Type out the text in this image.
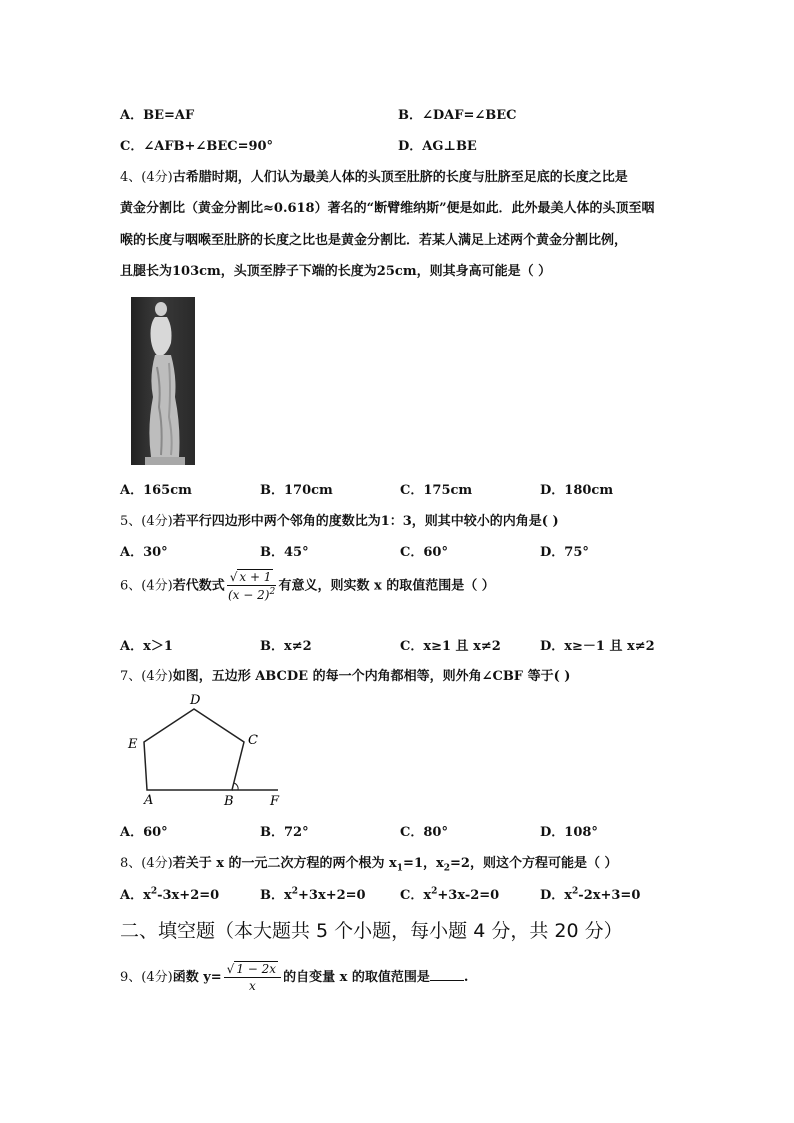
A．BE=AF	B．∠DAF=∠BEC
C．∠AFB+∠BEC=90°	D．AG⊥BE
4、(4分)古希腊时期，人们认为最美人体的头顶至肚脐的长度与肚脐至足底的长度之比是
黄金分割比（黄金分割比≈0.618）著名的“断臂维纳斯”便是如此．此外最美人体的头顶至咽
喉的长度与咽喉至肚脐的长度之比也是黄金分割比．若某人满足上述两个黄金分割比例，
且腿长为103cm，头顶至脖子下端的长度为25cm，则其身高可能是（ ）
A．165cm	B．170cm	C．175cm	D．180cm
5、(4分)若平行四边形中两个邻角的度数比为1：3，则其中较小的内角是( )
A．30°	B．45°	C．60°	D．75°
6、(4分)若代数式 $\frac{√ x + 1}{(x - 2)^2}$ 有意义，则实数 x 的取值范围是（ ）
A．x＞1	B．x≠2	C．x≥1 且 x≠2	D．x≥－1 且 x≠2
7、(4分)如图，五边形 ABCDE 的每一个内角都相等，则外角∠CBF 等于( )
D
C
E
A	B	F
A．60°	B．72°	C．80°	D．108°
8、(4分)若关于 x 的一元二次方程的两个根为 $x_1=1$，$x_2=2$，则这个方程可能是（ ）
A．$x^2-3x+2=0$	B．$x^2+3x+2=0$	C．$x^2+3x-2=0$	D．$x^2-2x+3=0$
二、填空题（本大题共 5 个小题，每小题 4 分，共 20 分）
9、(4分)函数 $y= \frac{√ 1 - 2x}{x}$ 的自变量 x 的取值范围是	.
